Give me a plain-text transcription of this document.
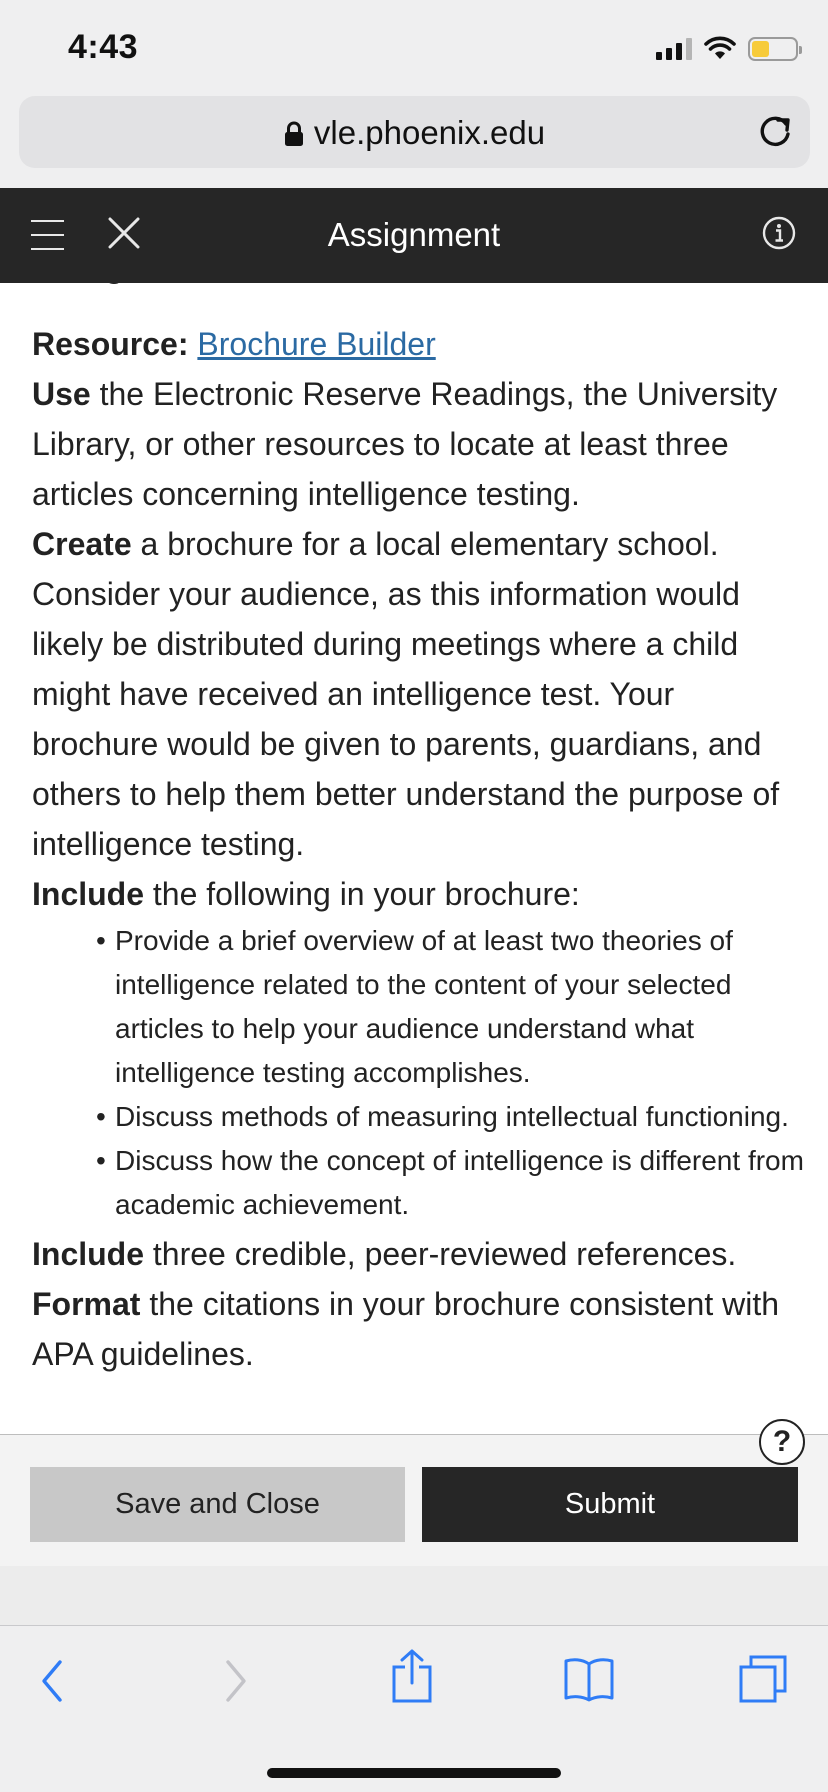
4:43
vle.phoenix.edu
Assignment
Resource: Brochure Builder
Use the Electronic Reserve Readings, the University Library, or other resources to locate at least three articles concerning intelligence testing.
Create a brochure for a local elementary school. Consider your audience, as this information would likely be distributed during meetings where a child might have received an intelligence test. Your brochure would be given to parents, guardians, and others to help them better understand the purpose of intelligence testing.
Include the following in your brochure:
• Provide a brief overview of at least two theories of intelligence related to the content of your selected articles to help your audience understand what intelligence testing accomplishes.
• Discuss methods of measuring intellectual functioning.
• Discuss how the concept of intelligence is different from academic achievement.
Include three credible, peer-reviewed references.
Format the citations in your brochure consistent with APA guidelines.
?
Save and Close	Submit
